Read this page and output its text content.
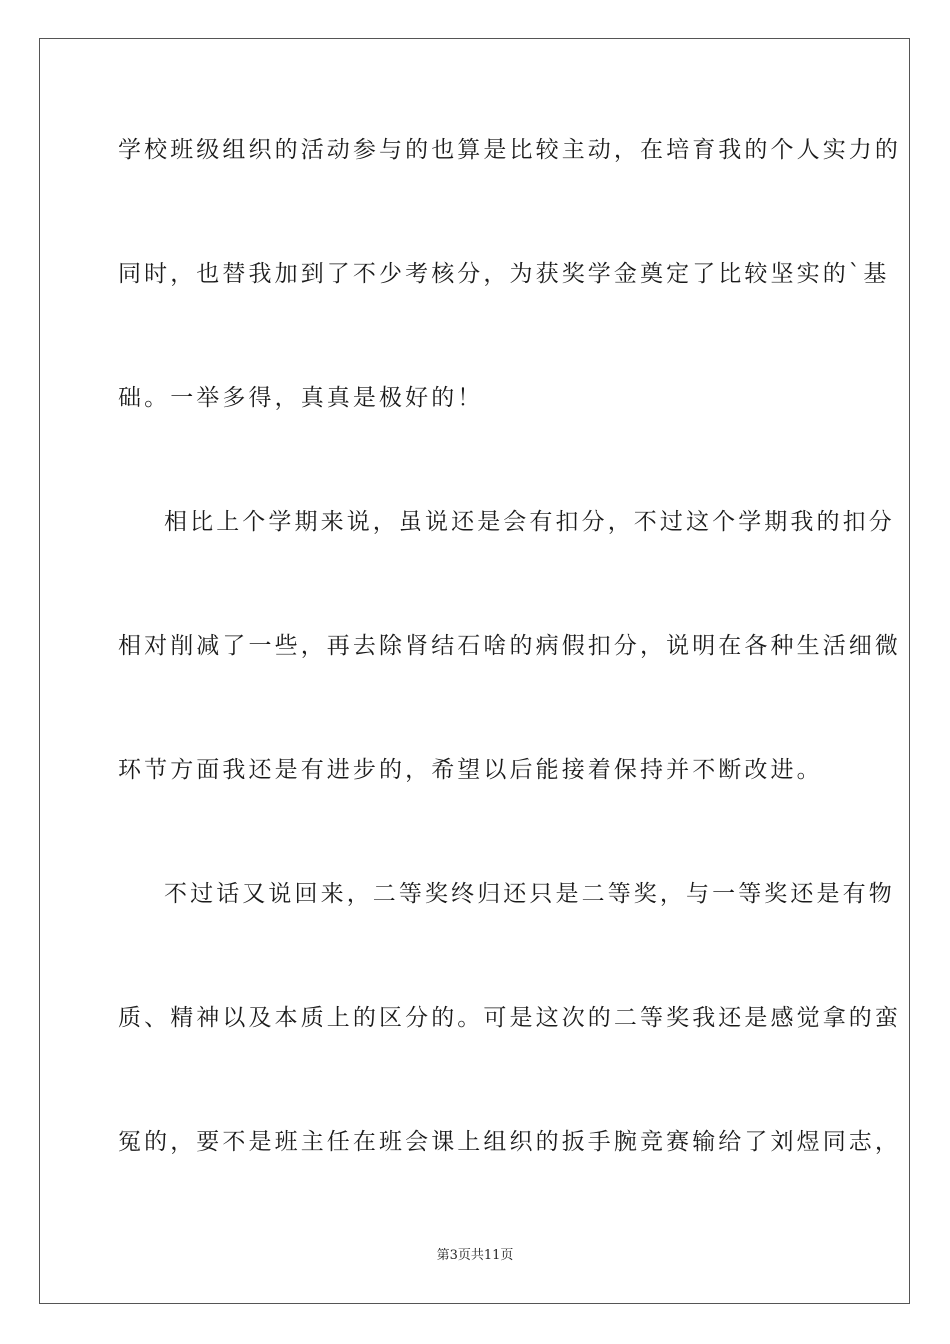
学校班级组织的活动参与的也算是比较主动，在培育我的个人实力的
同时，也替我加到了不少考核分，为获奖学金奠定了比较坚实的`基
础。一举多得，真真是极好的！
相比上个学期来说，虽说还是会有扣分，不过这个学期我的扣分
相对削减了一些，再去除肾结石啥的病假扣分，说明在各种生活细微
环节方面我还是有进步的，希望以后能接着保持并不断改进。
不过话又说回来，二等奖终归还只是二等奖，与一等奖还是有物
质、精神以及本质上的区分的。可是这次的二等奖我还是感觉拿的蛮
冤的，要不是班主任在班会课上组织的扳手腕竞赛输给了刘煜同志，
第3页共11页
